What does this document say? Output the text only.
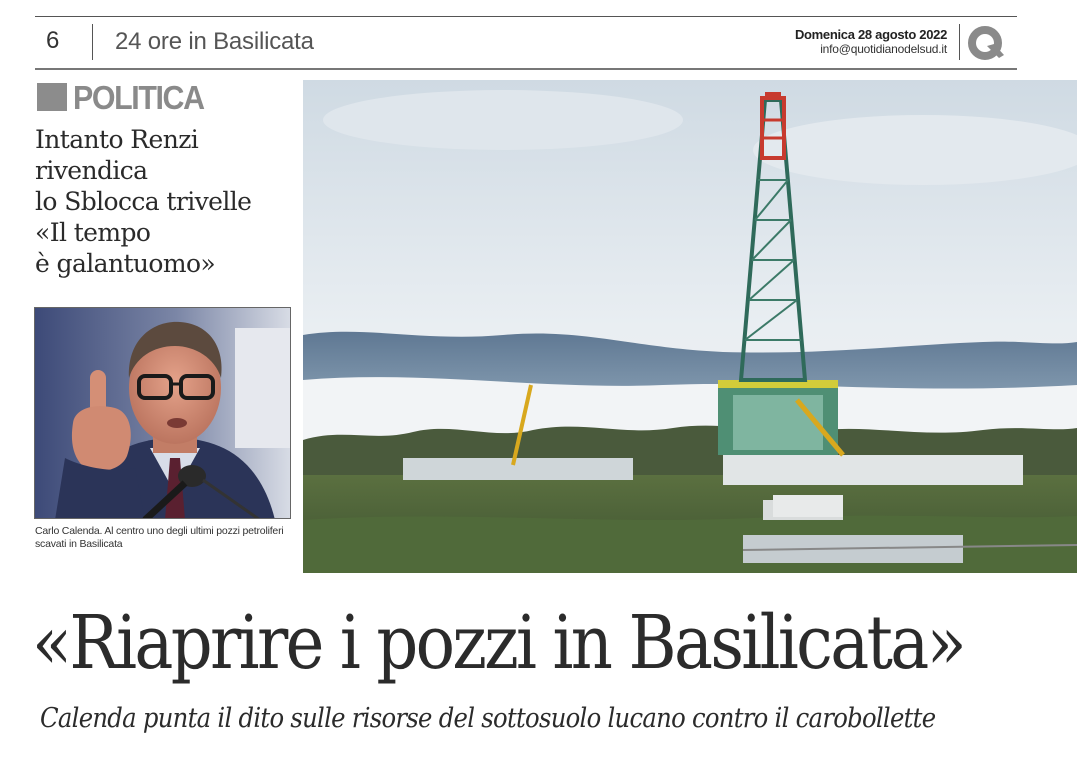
6 24 ore in Basilicata	Domenica 28 agosto 2022
info@quotidianodelsud.it
POLITICA
Intanto Renzi
rivendica
lo Sblocca trivelle
«Il tempo
è galantuomo»
Carlo Calenda. Al centro uno degli ultimi pozzi petroliferi scavati in Basilicata
«Riaprire i pozzi in Basilicata»
Calenda punta il dito sulle risorse del sottosuolo lucano contro il carobollette
